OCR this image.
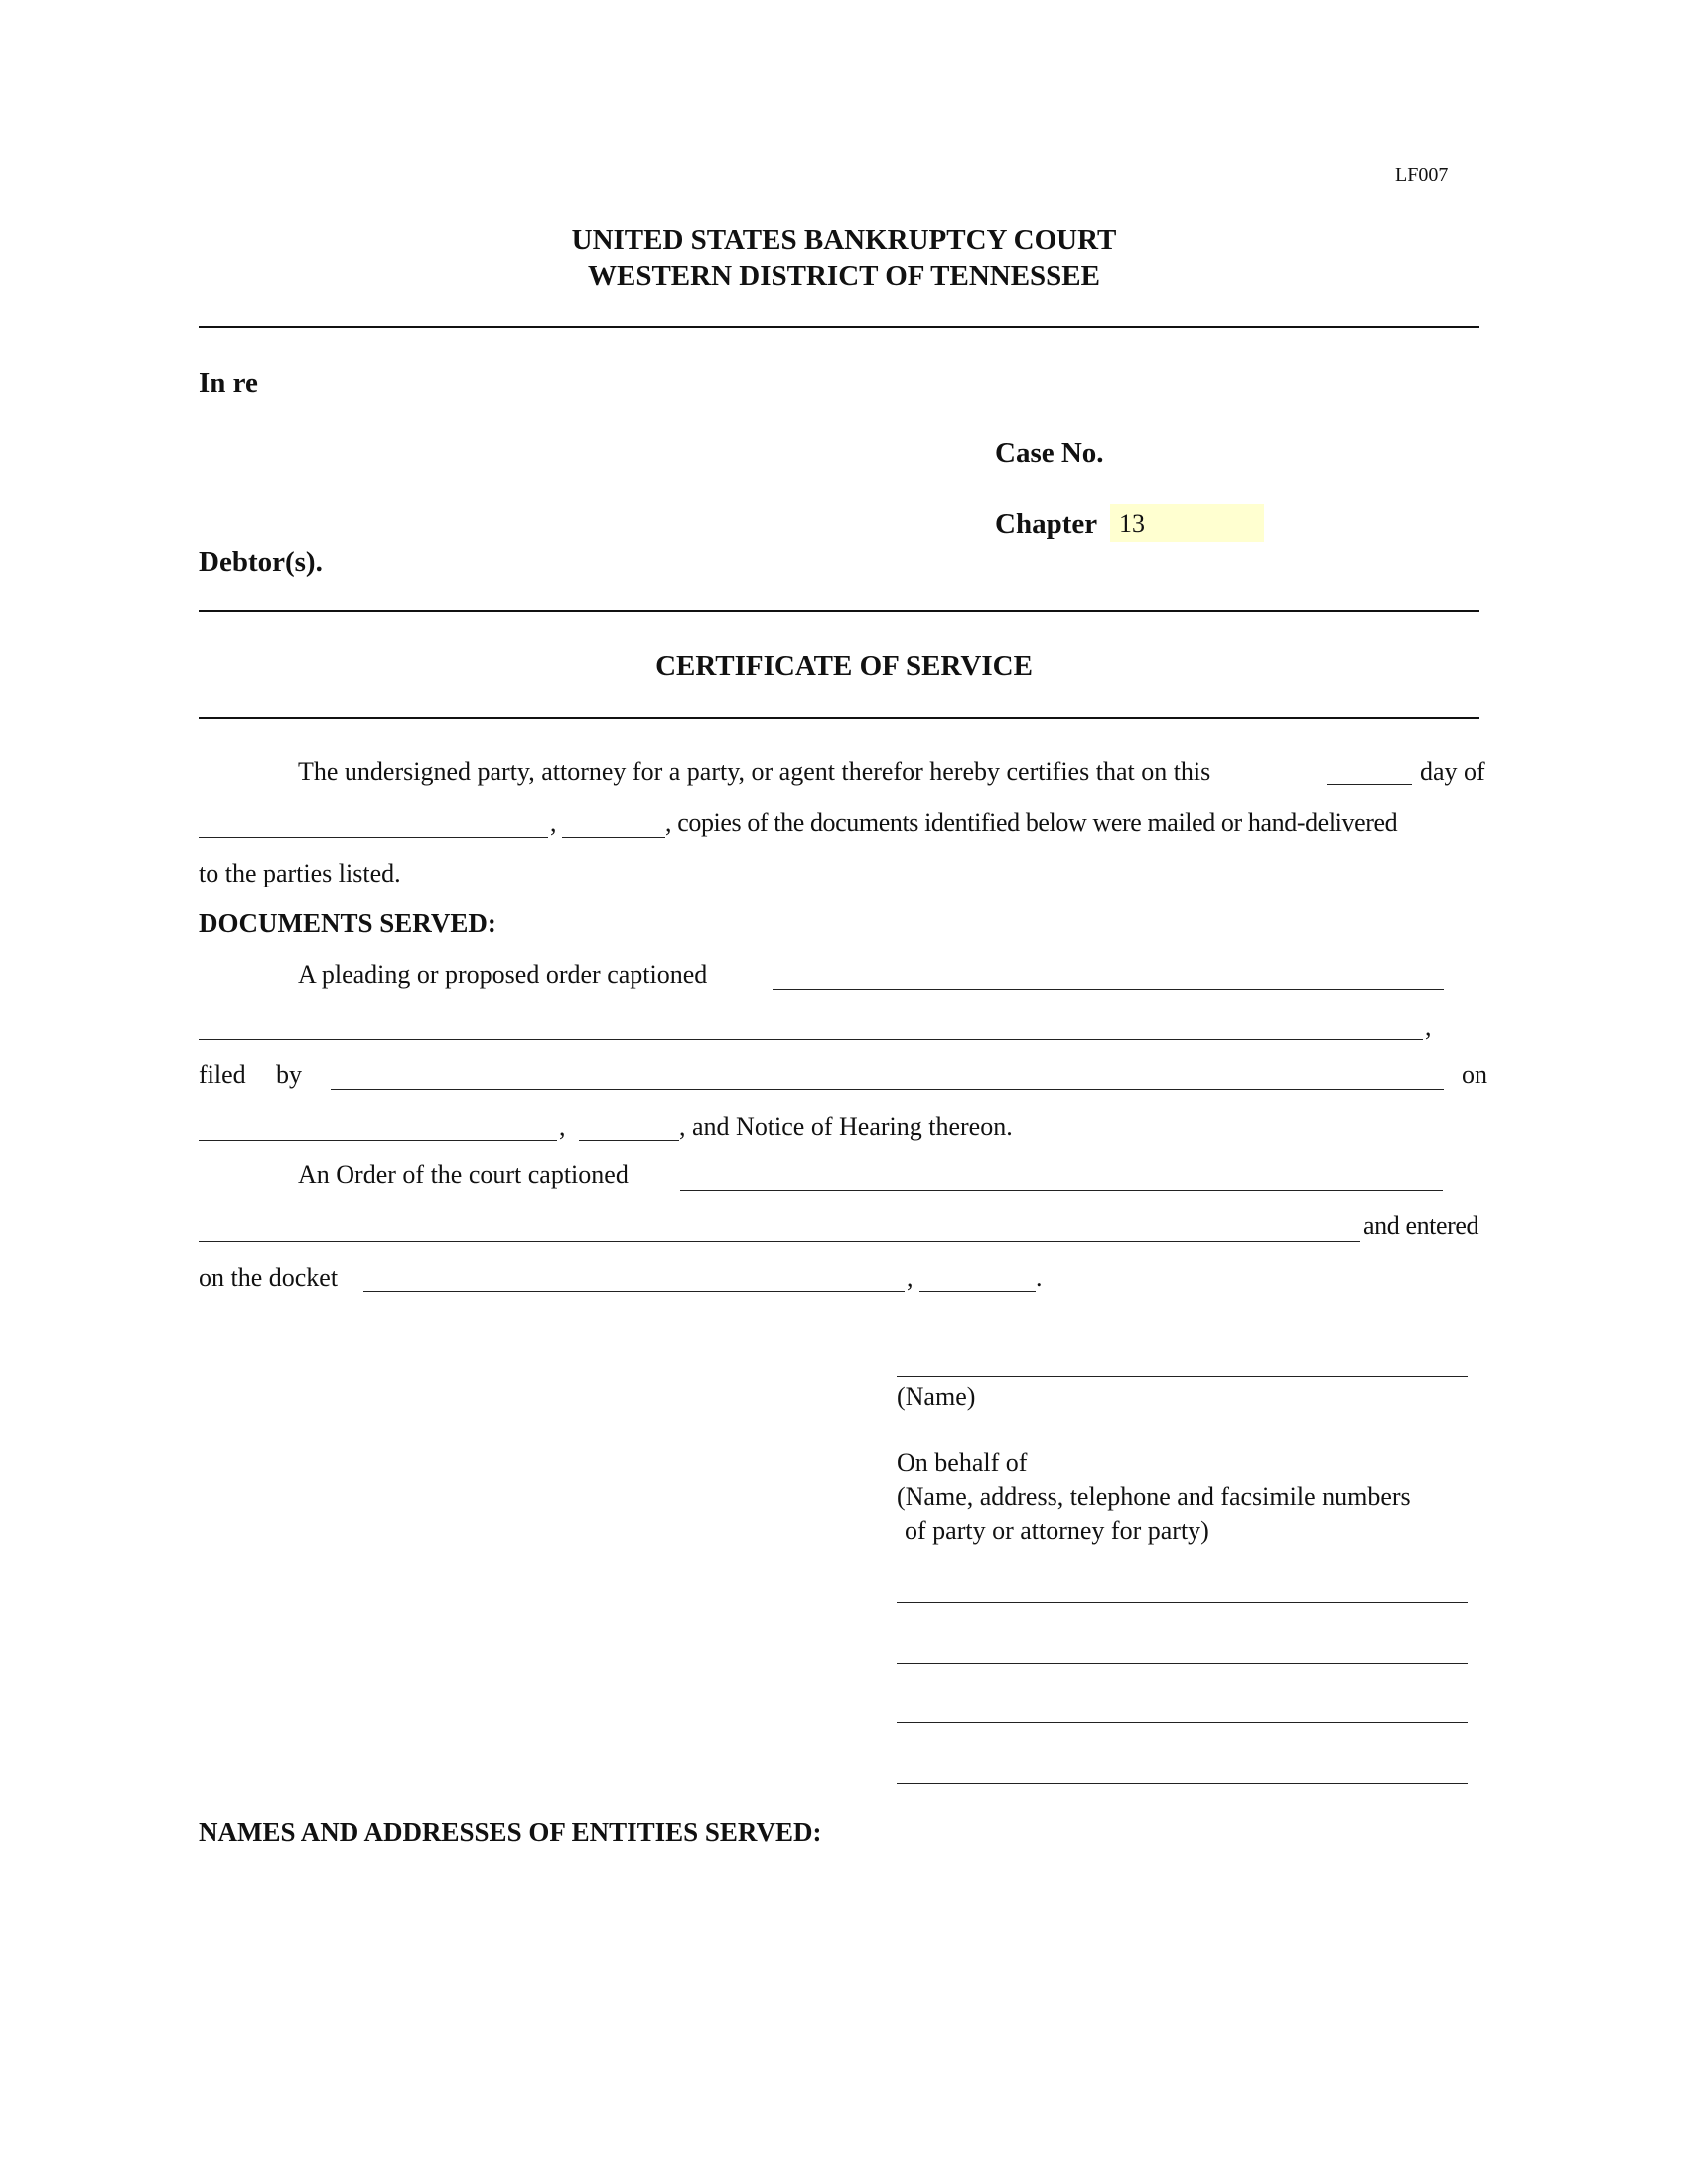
LF007
UNITED STATES BANKRUPTCY COURT
WESTERN DISTRICT OF TENNESSEE
In re
Case No.
Chapter 13
Debtor(s).
CERTIFICATE OF SERVICE
The undersigned party, attorney for a party, or agent therefor hereby certifies that on this	day of
,	, copies of the documents identified below were mailed or hand-delivered
to the parties listed.
DOCUMENTS SERVED:
A pleading or proposed order captioned
,
filed by	on
,	, and Notice of Hearing thereon.
An Order of the court captioned
and entered
on the docket	,	.
(Name)
On behalf of
(Name, address, telephone and facsimile numbers
of party or attorney for party)
NAMES AND ADDRESSES OF ENTITIES SERVED:
